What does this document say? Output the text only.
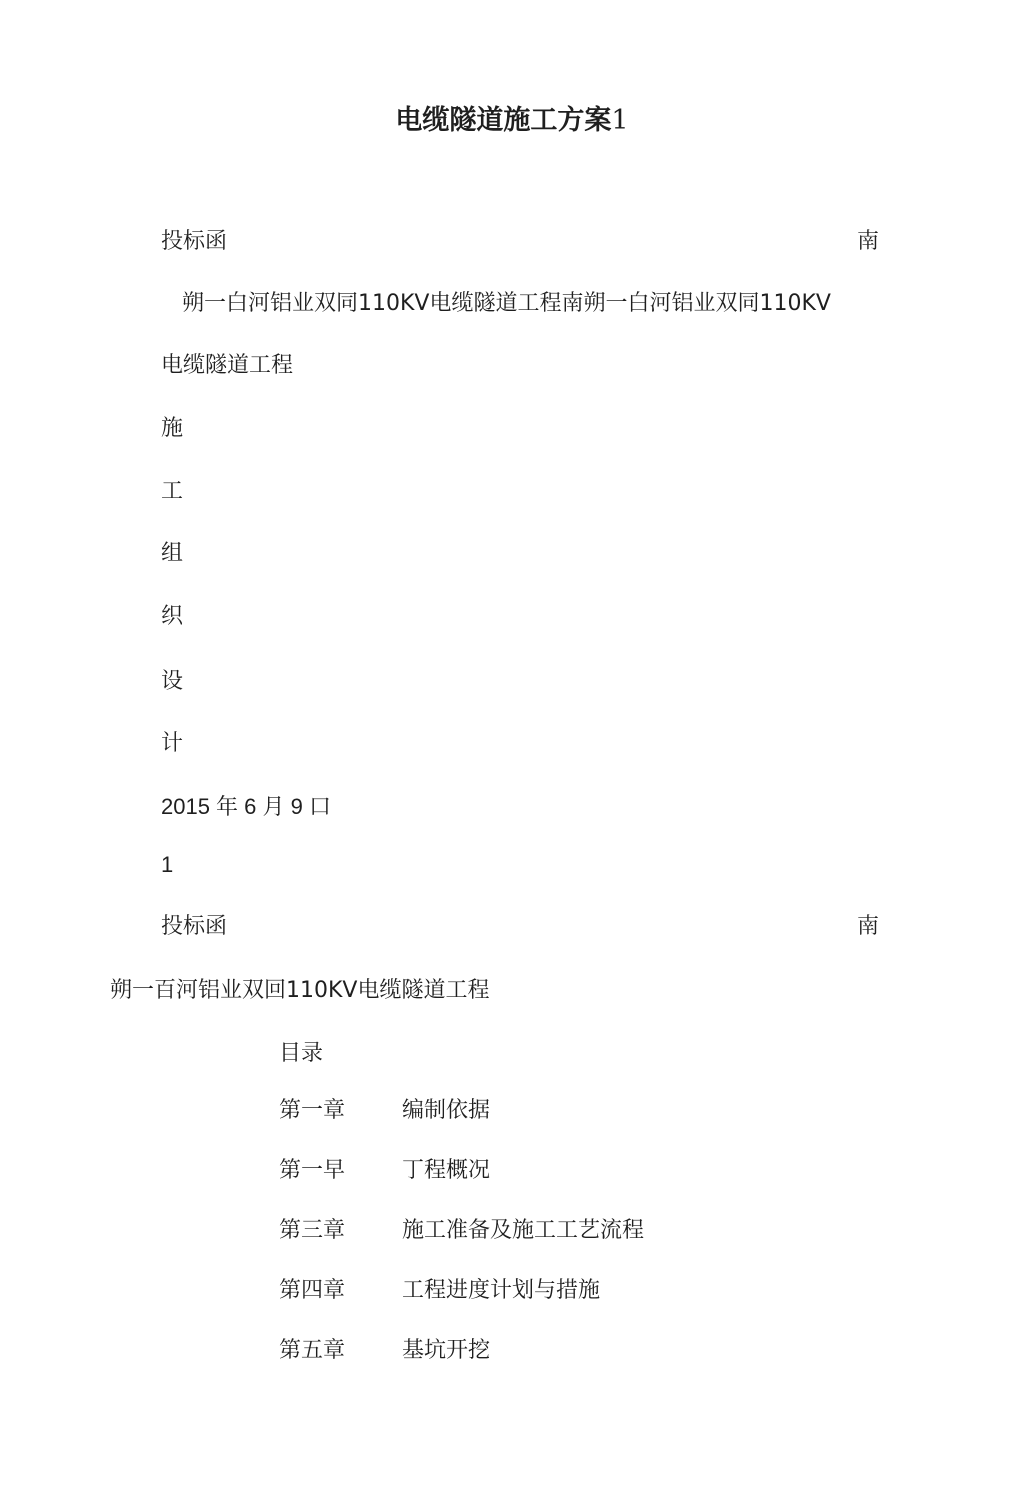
电缆隧道施工方案1
投标函	南
朔一白河铝业双同110KV电缆隧道工程南朔一白河铝业双同110KV
电缆隧道工程
施
工
组
织
设
计
2015 年 6 月 9 口
1
投标函	南
朔一百河铝业双回110KV电缆隧道工程
目录
第一章	编制依据
第一早	丁程概况
第三章	施工准备及施工工艺流程
第四章	工程进度计划与措施
第五章	基坑开挖
